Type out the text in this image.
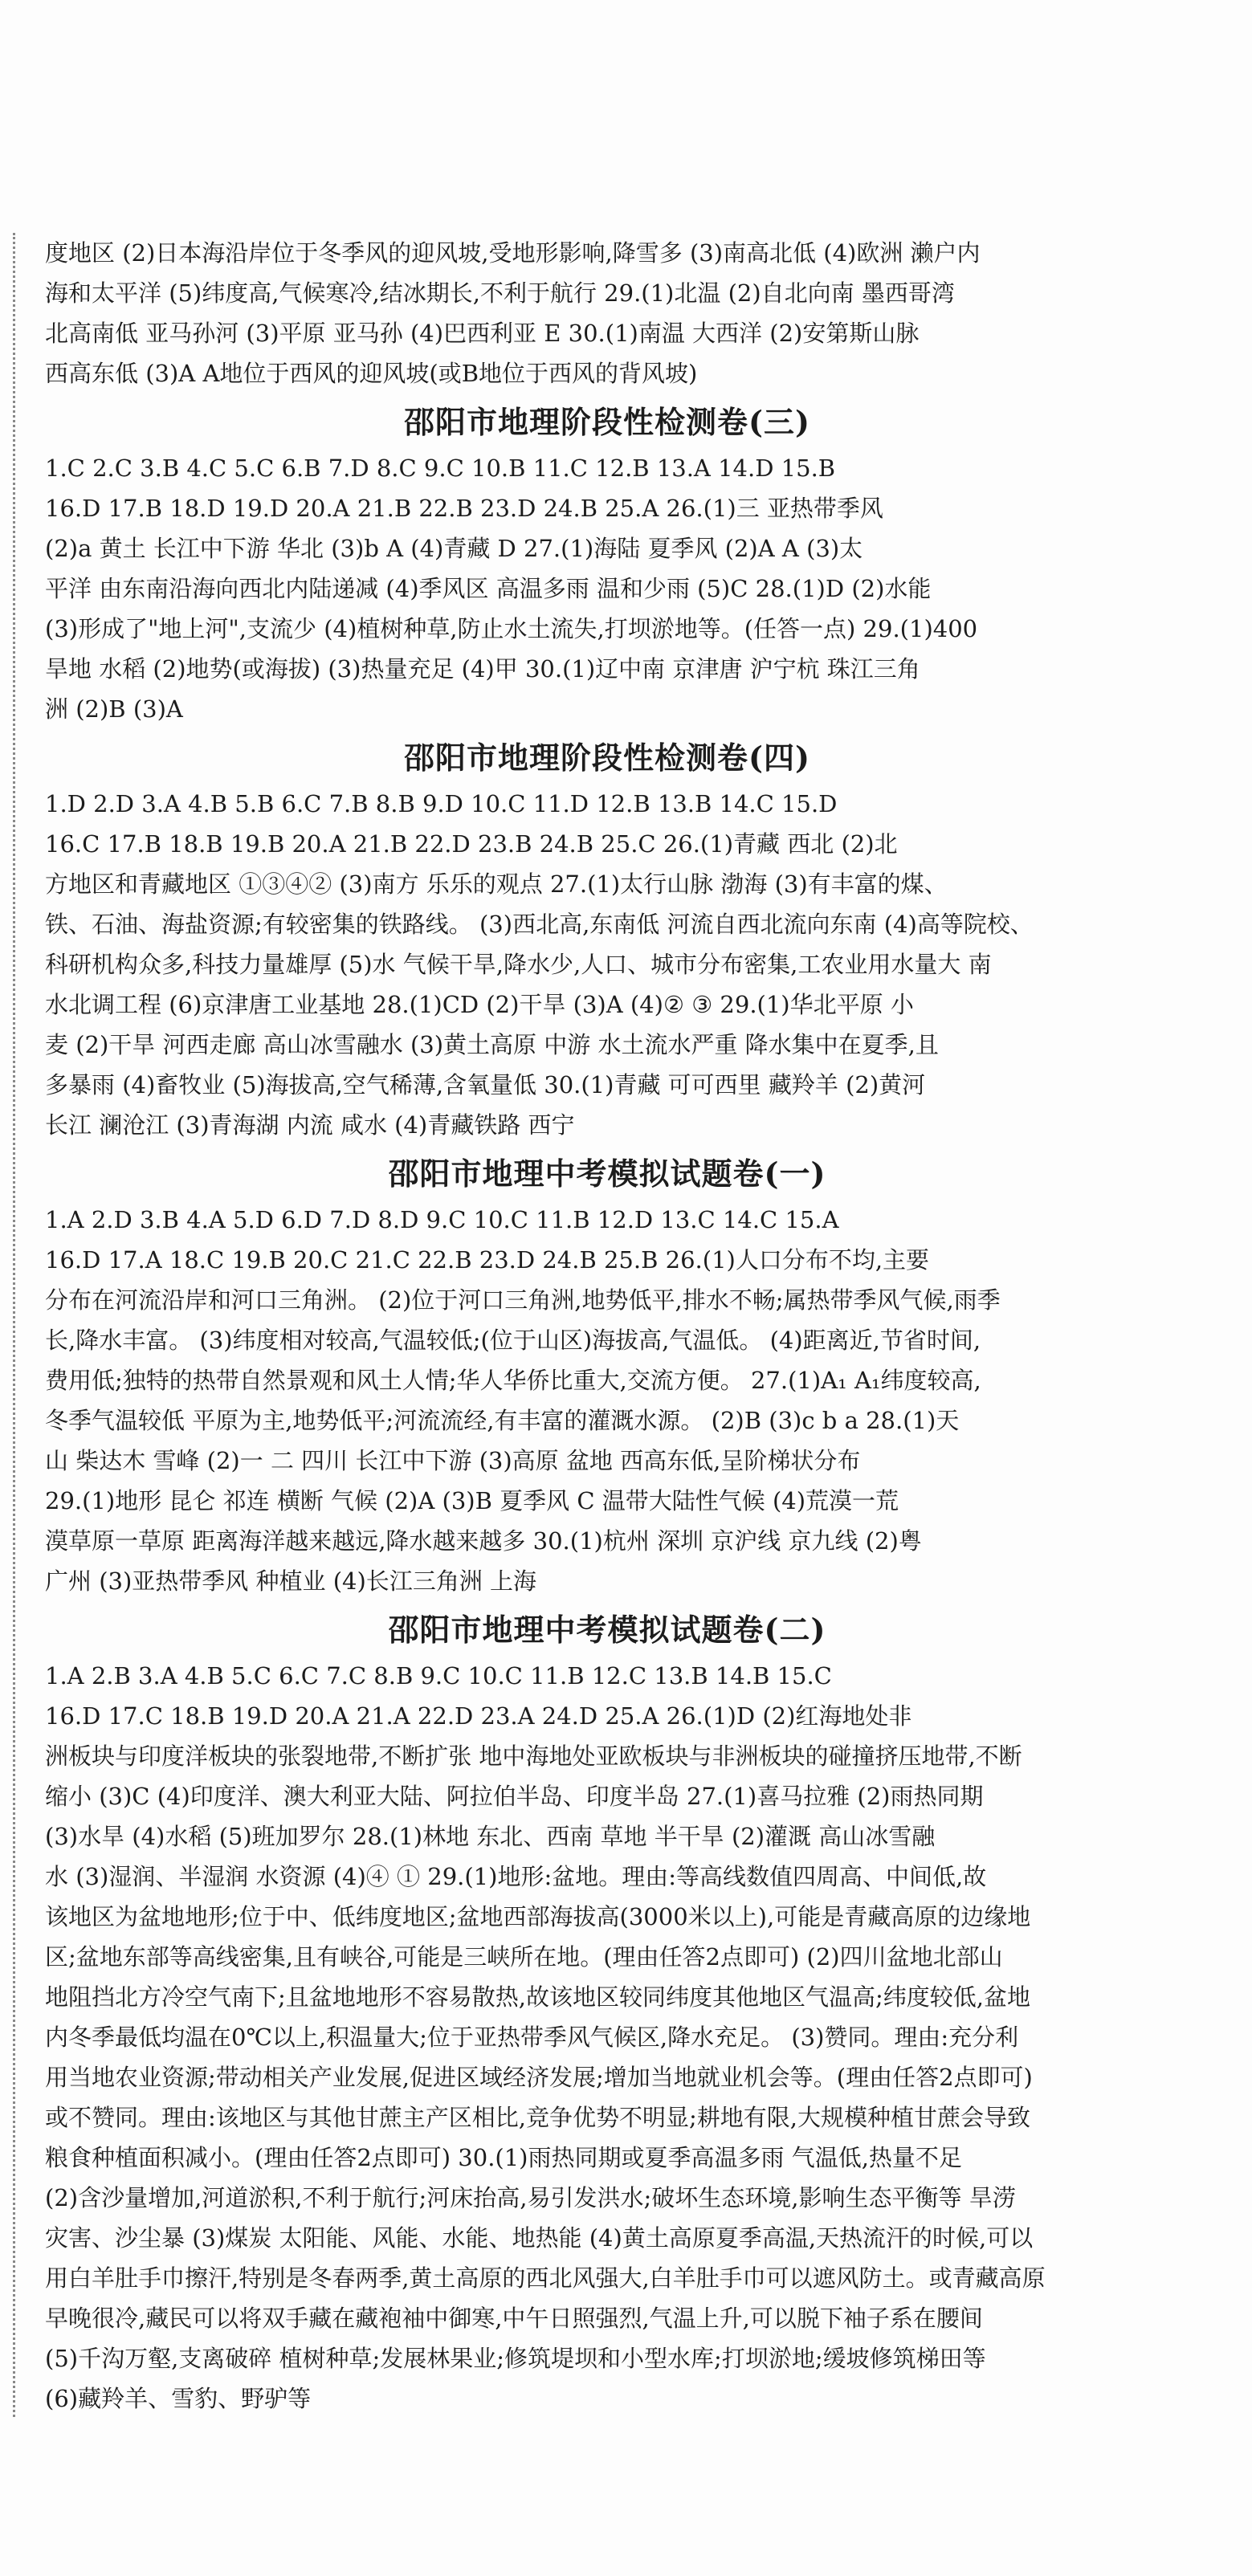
度地区 (2)日本海沿岸位于冬季风的迎风坡,受地形影响,降雪多 (3)南高北低 (4)欧洲 濑户内
海和太平洋 (5)纬度高,气候寒冷,结冰期长,不利于航行 29.(1)北温 (2)自北向南 墨西哥湾
北高南低 亚马孙河 (3)平原 亚马孙 (4)巴西利亚 E 30.(1)南温 大西洋 (2)安第斯山脉
西高东低 (3)A A地位于西风的迎风坡(或B地位于西风的背风坡)
邵阳市地理阶段性检测卷(三)
1.C 2.C 3.B 4.C 5.C 6.B 7.D 8.C 9.C 10.B 11.C 12.B 13.A 14.D 15.B
16.D 17.B 18.D 19.D 20.A 21.B 22.B 23.D 24.B 25.A 26.(1)三 亚热带季风
(2)a 黄土 长江中下游 华北 (3)b A (4)青藏 D 27.(1)海陆 夏季风 (2)A A (3)太
平洋 由东南沿海向西北内陆递减 (4)季风区 高温多雨 温和少雨 (5)C 28.(1)D (2)水能
(3)形成了"地上河",支流少 (4)植树种草,防止水土流失,打坝淤地等。(任答一点) 29.(1)400
旱地 水稻 (2)地势(或海拔) (3)热量充足 (4)甲 30.(1)辽中南 京津唐 沪宁杭 珠江三角
洲 (2)B (3)A
邵阳市地理阶段性检测卷(四)
1.D 2.D 3.A 4.B 5.B 6.C 7.B 8.B 9.D 10.C 11.D 12.B 13.B 14.C 15.D
16.C 17.B 18.B 19.B 20.A 21.B 22.D 23.B 24.B 25.C 26.(1)青藏 西北 (2)北
方地区和青藏地区 ①③④② (3)南方 乐乐的观点 27.(1)太行山脉 渤海 (3)有丰富的煤、
铁、石油、海盐资源;有较密集的铁路线。 (3)西北高,东南低 河流自西北流向东南 (4)高等院校、
科研机构众多,科技力量雄厚 (5)水 气候干旱,降水少,人口、城市分布密集,工农业用水量大 南
水北调工程 (6)京津唐工业基地 28.(1)CD (2)干旱 (3)A (4)② ③ 29.(1)华北平原 小
麦 (2)干旱 河西走廊 高山冰雪融水 (3)黄土高原 中游 水土流水严重 降水集中在夏季,且
多暴雨 (4)畜牧业 (5)海拔高,空气稀薄,含氧量低 30.(1)青藏 可可西里 藏羚羊 (2)黄河
长江 澜沧江 (3)青海湖 内流 咸水 (4)青藏铁路 西宁
邵阳市地理中考模拟试题卷(一)
1.A 2.D 3.B 4.A 5.D 6.D 7.D 8.D 9.C 10.C 11.B 12.D 13.C 14.C 15.A
16.D 17.A 18.C 19.B 20.C 21.C 22.B 23.D 24.B 25.B 26.(1)人口分布不均,主要
分布在河流沿岸和河口三角洲。 (2)位于河口三角洲,地势低平,排水不畅;属热带季风气候,雨季
长,降水丰富。 (3)纬度相对较高,气温较低;(位于山区)海拔高,气温低。 (4)距离近,节省时间,
费用低;独特的热带自然景观和风土人情;华人华侨比重大,交流方便。 27.(1)A₁ A₁纬度较高,
冬季气温较低 平原为主,地势低平;河流流经,有丰富的灌溉水源。 (2)B (3)c b a 28.(1)天
山 柴达木 雪峰 (2)一 二 四川 长江中下游 (3)高原 盆地 西高东低,呈阶梯状分布
29.(1)地形 昆仑 祁连 横断 气候 (2)A (3)B 夏季风 C 温带大陆性气候 (4)荒漠一荒
漠草原一草原 距离海洋越来越远,降水越来越多 30.(1)杭州 深圳 京沪线 京九线 (2)粤
广州 (3)亚热带季风 种植业 (4)长江三角洲 上海
邵阳市地理中考模拟试题卷(二)
1.A 2.B 3.A 4.B 5.C 6.C 7.C 8.B 9.C 10.C 11.B 12.C 13.B 14.B 15.C
16.D 17.C 18.B 19.D 20.A 21.A 22.D 23.A 24.D 25.A 26.(1)D (2)红海地处非
洲板块与印度洋板块的张裂地带,不断扩张 地中海地处亚欧板块与非洲板块的碰撞挤压地带,不断
缩小 (3)C (4)印度洋、澳大利亚大陆、阿拉伯半岛、印度半岛 27.(1)喜马拉雅 (2)雨热同期
(3)水旱 (4)水稻 (5)班加罗尔 28.(1)林地 东北、西南 草地 半干旱 (2)灌溉 高山冰雪融
水 (3)湿润、半湿润 水资源 (4)④ ① 29.(1)地形:盆地。理由:等高线数值四周高、中间低,故
该地区为盆地地形;位于中、低纬度地区;盆地西部海拔高(3000米以上),可能是青藏高原的边缘地
区;盆地东部等高线密集,且有峡谷,可能是三峡所在地。(理由任答2点即可) (2)四川盆地北部山
地阻挡北方冷空气南下;且盆地地形不容易散热,故该地区较同纬度其他地区气温高;纬度较低,盆地
内冬季最低均温在0℃以上,积温量大;位于亚热带季风气候区,降水充足。 (3)赞同。理由:充分利
用当地农业资源;带动相关产业发展,促进区域经济发展;增加当地就业机会等。(理由任答2点即可)
或不赞同。理由:该地区与其他甘蔗主产区相比,竞争优势不明显;耕地有限,大规模种植甘蔗会导致
粮食种植面积减小。(理由任答2点即可) 30.(1)雨热同期或夏季高温多雨 气温低,热量不足
(2)含沙量增加,河道淤积,不利于航行;河床抬高,易引发洪水;破坏生态环境,影响生态平衡等 旱涝
灾害、沙尘暴 (3)煤炭 太阳能、风能、水能、地热能 (4)黄土高原夏季高温,天热流汗的时候,可以
用白羊肚手巾擦汗,特别是冬春两季,黄土高原的西北风强大,白羊肚手巾可以遮风防土。或青藏高原
早晚很冷,藏民可以将双手藏在藏袍袖中御寒,中午日照强烈,气温上升,可以脱下袖子系在腰间
(5)千沟万壑,支离破碎 植树种草;发展林果业;修筑堤坝和小型水库;打坝淤地;缓坡修筑梯田等
(6)藏羚羊、雪豹、野驴等
